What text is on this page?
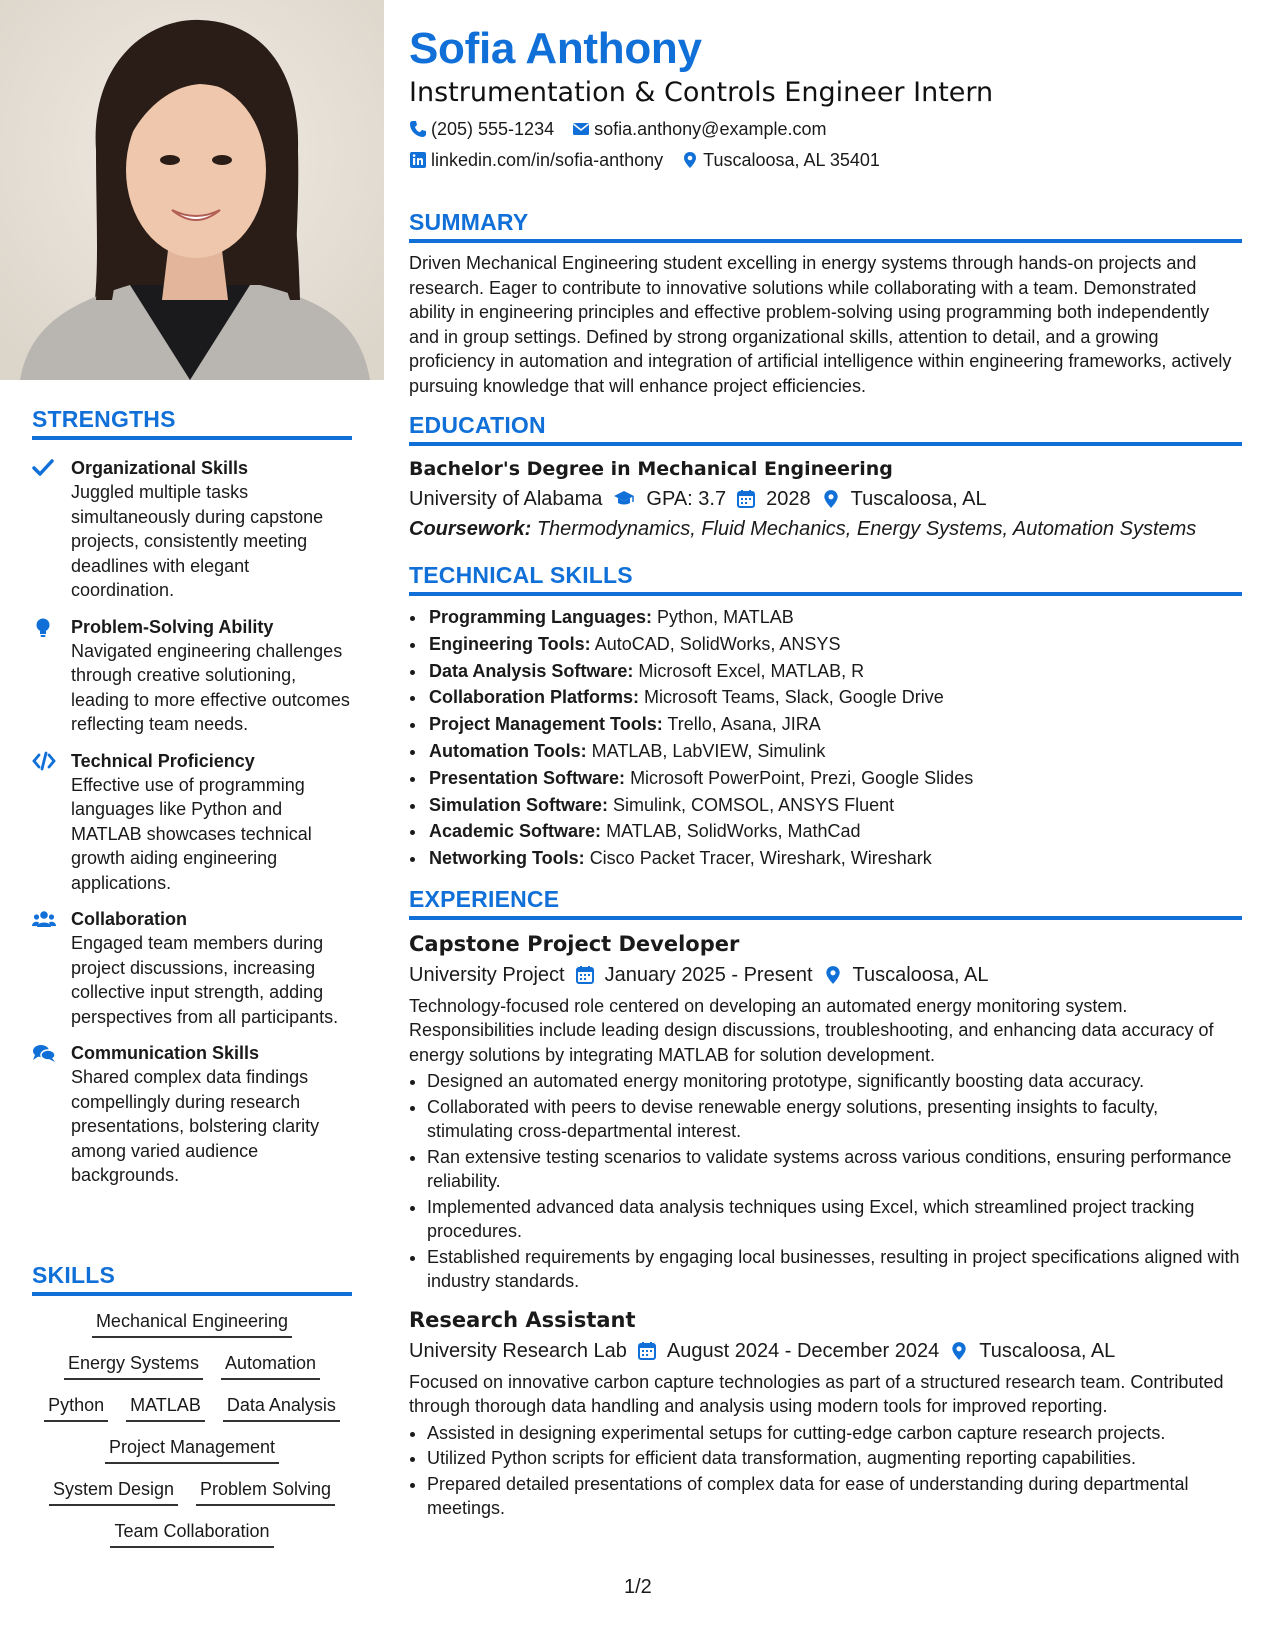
STRENGTHS
Organizational Skills
Juggled multiple tasks simultaneously during capstone projects, consistently meeting deadlines with elegant coordination.
Problem-Solving Ability
Navigated engineering challenges through creative solutioning, leading to more effective outcomes reflecting team needs.
Technical Proficiency
Effective use of programming languages like Python and MATLAB showcases technical growth aiding engineering applications.
Collaboration
Engaged team members during project discussions, increasing collective input strength, adding perspectives from all participants.
Communication Skills
Shared complex data findings compellingly during research presentations, bolstering clarity among varied audience backgrounds.
SKILLS
Mechanical Engineering
Energy Systems Automation
Python MATLAB Data Analysis
Project Management
System Design Problem Solving
Team Collaboration
Sofia Anthony
Instrumentation & Controls Engineer Intern
(205) 555-1234 sofia.anthony@example.com
linkedin.com/in/sofia-anthony Tuscaloosa, AL 35401
SUMMARY
Driven Mechanical Engineering student excelling in energy systems through hands-on projects and research. Eager to contribute to innovative solutions while collaborating with a team. Demonstrated ability in engineering principles and effective problem-solving using programming both independently and in group settings. Defined by strong organizational skills, attention to detail, and a growing proficiency in automation and integration of artificial intelligence within engineering frameworks, actively pursuing knowledge that will enhance project efficiencies.
EDUCATION
Bachelor's Degree in Mechanical Engineering
University of Alabama GPA: 3.7 2028 Tuscaloosa, AL
Coursework: Thermodynamics, Fluid Mechanics, Energy Systems, Automation Systems
TECHNICAL SKILLS
• Programming Languages: Python, MATLAB
• Engineering Tools: AutoCAD, SolidWorks, ANSYS
• Data Analysis Software: Microsoft Excel, MATLAB, R
• Collaboration Platforms: Microsoft Teams, Slack, Google Drive
• Project Management Tools: Trello, Asana, JIRA
• Automation Tools: MATLAB, LabVIEW, Simulink
• Presentation Software: Microsoft PowerPoint, Prezi, Google Slides
• Simulation Software: Simulink, COMSOL, ANSYS Fluent
• Academic Software: MATLAB, SolidWorks, MathCad
• Networking Tools: Cisco Packet Tracer, Wireshark, Wireshark
EXPERIENCE
Capstone Project Developer
University Project January 2025 - Present Tuscaloosa, AL
Technology-focused role centered on developing an automated energy monitoring system. Responsibilities include leading design discussions, troubleshooting, and enhancing data accuracy of energy solutions by integrating MATLAB for solution development.
• Designed an automated energy monitoring prototype, significantly boosting data accuracy.
• Collaborated with peers to devise renewable energy solutions, presenting insights to faculty, stimulating cross-departmental interest.
• Ran extensive testing scenarios to validate systems across various conditions, ensuring performance reliability.
• Implemented advanced data analysis techniques using Excel, which streamlined project tracking procedures.
• Established requirements by engaging local businesses, resulting in project specifications aligned with industry standards.
Research Assistant
University Research Lab August 2024 - December 2024 Tuscaloosa, AL
Focused on innovative carbon capture technologies as part of a structured research team. Contributed through thorough data handling and analysis using modern tools for improved reporting.
• Assisted in designing experimental setups for cutting-edge carbon capture research projects.
• Utilized Python scripts for efficient data transformation, augmenting reporting capabilities.
• Prepared detailed presentations of complex data for ease of understanding during departmental meetings.
1/2
